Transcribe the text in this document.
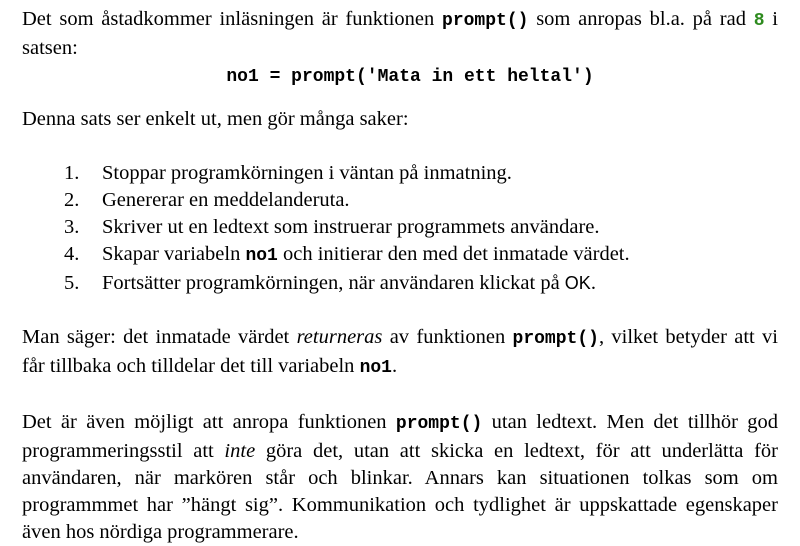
Det som åstadkommer inläsningen är funktionen prompt() som anropas bl.a. på rad 8 i satsen:

no1 = prompt('Mata in ett heltal')

Denna sats ser enkelt ut, men gör många saker:

1. Stoppar programkörningen i väntan på inmatning.
2. Genererar en meddelanderuta.
3. Skriver ut en ledtext som instruerar programmets användare.
4. Skapar variabeln no1 och initierar den med det inmatade värdet.
5. Fortsätter programkörningen, när användaren klickat på OK.

Man säger: det inmatade värdet returneras av funktionen prompt(), vilket betyder att vi får tillbaka och tilldelar det till variabeln no1.

Det är även möjligt att anropa funktionen prompt() utan ledtext. Men det tillhör god programmeringsstil att inte göra det, utan att skicka en ledtext, för att underlätta för användaren, när markören står och blinkar. Annars kan situationen tolkas som om programmmet har ”hängt sig”. Kommunikation och tydlighet är uppskattade egenskaper även hos nördiga programmerare.
